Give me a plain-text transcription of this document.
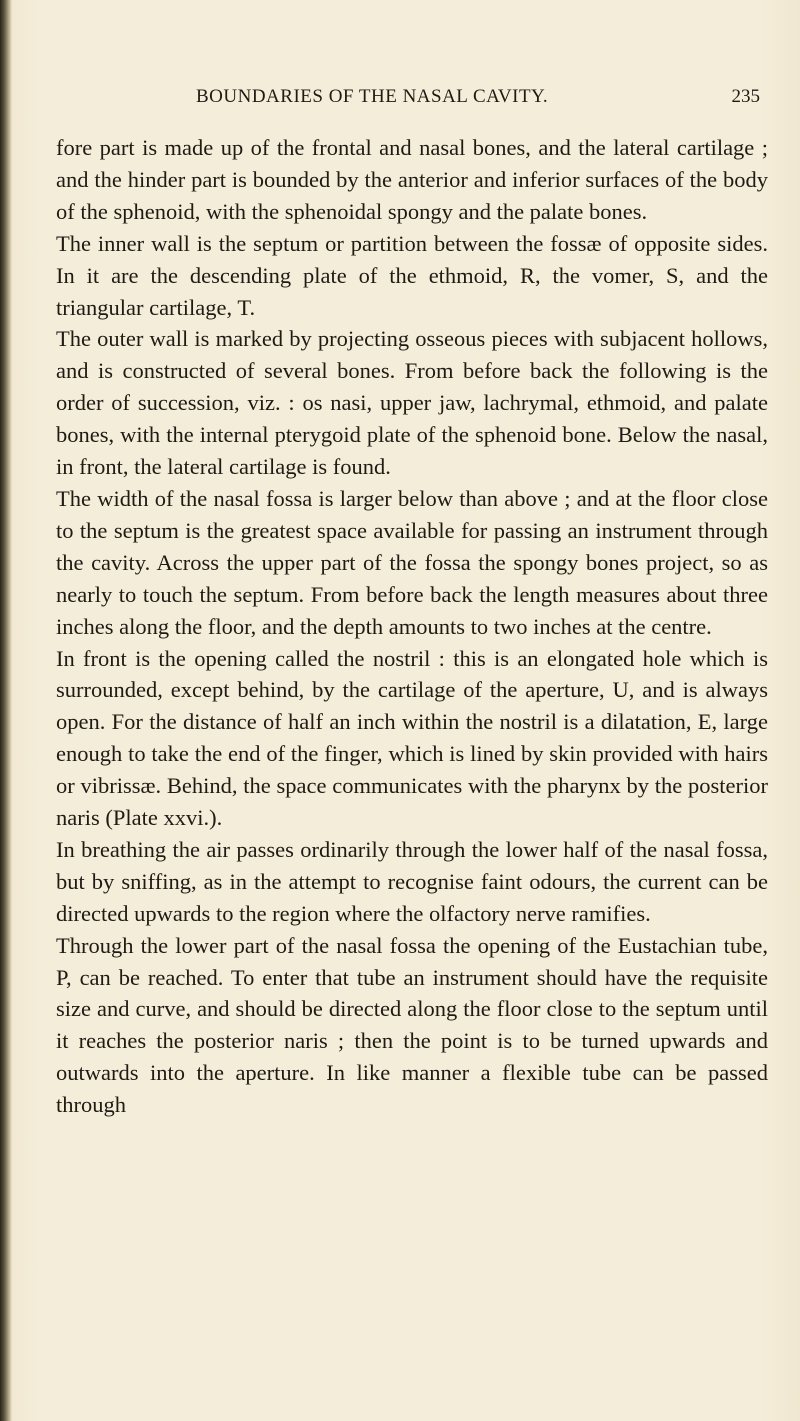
BOUNDARIES OF THE NASAL CAVITY.	235

fore part is made up of the frontal and nasal bones, and the lateral cartilage ; and the hinder part is bounded by the anterior and inferior surfaces of the body of the sphenoid, with the sphenoidal spongy and the palate bones.

The inner wall is the septum or partition between the fossæ of opposite sides. In it are the descending plate of the ethmoid, R, the vomer, S, and the triangular cartilage, T.

The outer wall is marked by projecting osseous pieces with subjacent hollows, and is constructed of several bones. From before back the following is the order of succession, viz. : os nasi, upper jaw, lachrymal, ethmoid, and palate bones, with the internal pterygoid plate of the sphenoid bone. Below the nasal, in front, the lateral cartilage is found.

The width of the nasal fossa is larger below than above ; and at the floor close to the septum is the greatest space available for passing an instrument through the cavity. Across the upper part of the fossa the spongy bones project, so as nearly to touch the septum. From before back the length measures about three inches along the floor, and the depth amounts to two inches at the centre.

In front is the opening called the nostril : this is an elongated hole which is surrounded, except behind, by the cartilage of the aperture, U, and is always open. For the distance of half an inch within the nostril is a dilatation, E, large enough to take the end of the finger, which is lined by skin provided with hairs or vibrissæ. Behind, the space communicates with the pharynx by the posterior naris (Plate xxvi.).

In breathing the air passes ordinarily through the lower half of the nasal fossa, but by sniffing, as in the attempt to recognise faint odours, the current can be directed upwards to the region where the olfactory nerve ramifies.

Through the lower part of the nasal fossa the opening of the Eustachian tube, P, can be reached. To enter that tube an instrument should have the requisite size and curve, and should be directed along the floor close to the septum until it reaches the posterior naris ; then the point is to be turned upwards and outwards into the aperture. In like manner a flexible tube can be passed through
